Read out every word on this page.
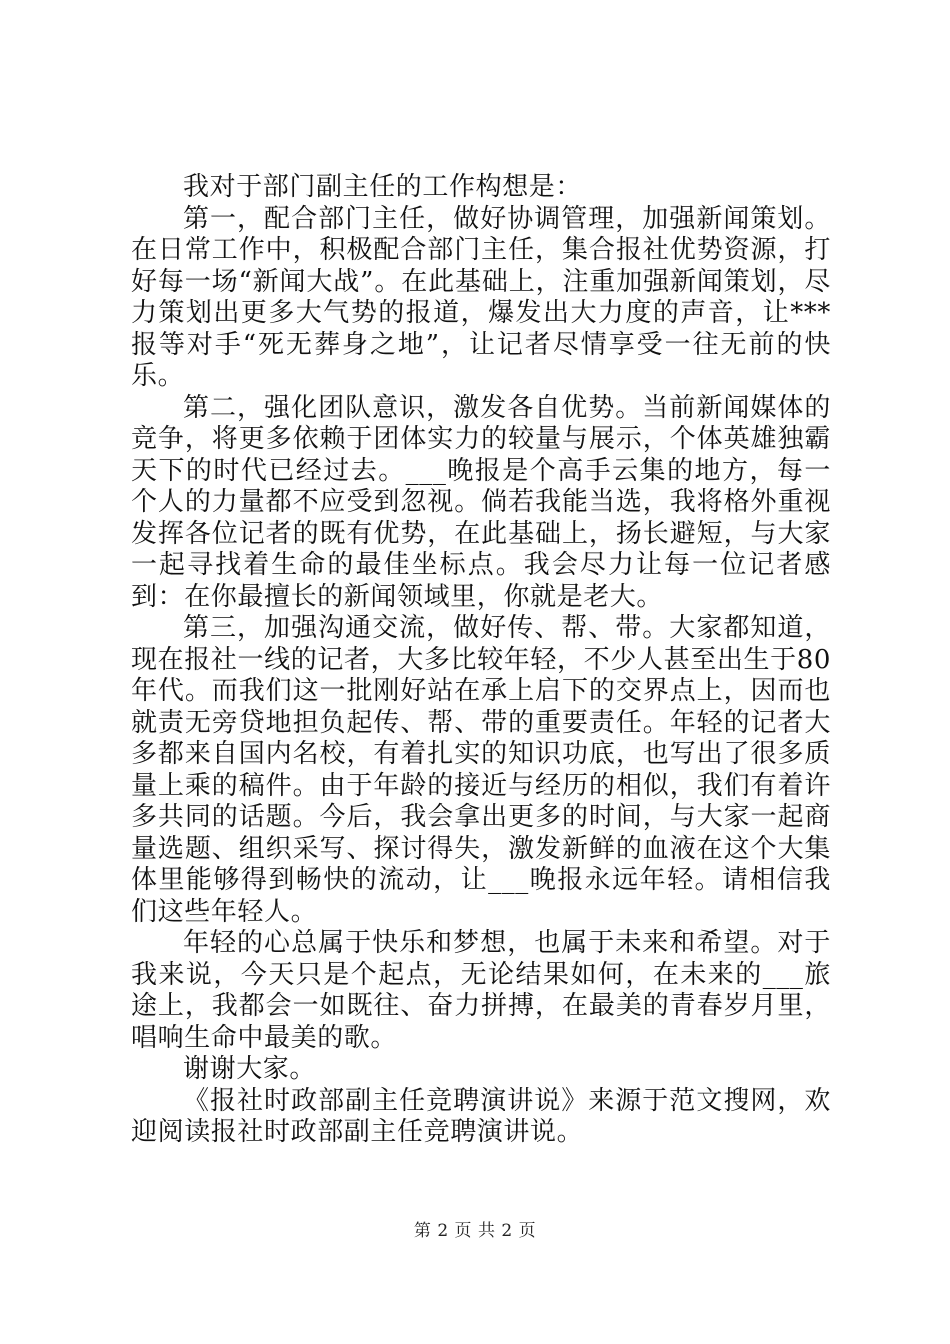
我对于部门副主任的工作构想是：

第一，配合部门主任，做好协调管理，加强新闻策划。在日常工作中，积极配合部门主任，集合报社优势资源，打好每一场“新闻大战”。在此基础上，注重加强新闻策划，尽力策划出更多大气势的报道，爆发出大力度的声音，让***报等对手“死无葬身之地”，让记者尽情享受一往无前的快乐。

第二，强化团队意识，激发各自优势。当前新闻媒体的竞争，将更多依赖于团体实力的较量与展示，个体英雄独霸天下的时代已经过去。___晚报是个高手云集的地方，每一个人的力量都不应受到忽视。倘若我能当选，我将格外重视发挥各位记者的既有优势，在此基础上，扬长避短，与大家一起寻找着生命的最佳坐标点。我会尽力让每一位记者感到：在你最擅长的新闻领域里，你就是老大。

第三，加强沟通交流，做好传、帮、带。大家都知道，现在报社一线的记者，大多比较年轻，不少人甚至出生于80年代。而我们这一批刚好站在承上启下的交界点上，因而也就责无旁贷地担负起传、帮、带的重要责任。年轻的记者大多都来自国内名校，有着扎实的知识功底，也写出了很多质量上乘的稿件。由于年龄的接近与经历的相似，我们有着许多共同的话题。今后，我会拿出更多的时间，与大家一起商量选题、组织采写、探讨得失，激发新鲜的血液在这个大集体里能够得到畅快的流动，让___晚报永远年轻。请相信我们这些年轻人。

年轻的心总属于快乐和梦想，也属于未来和希望。对于我来说，今天只是个起点，无论结果如何，在未来的___旅途上，我都会一如既往、奋力拼搏，在最美的青春岁月里，唱响生命中最美的歌。

谢谢大家。

《报社时政部副主任竞聘演讲说》来源于范文搜网，欢迎阅读报社时政部副主任竞聘演讲说。

第 2 页 共 2 页
